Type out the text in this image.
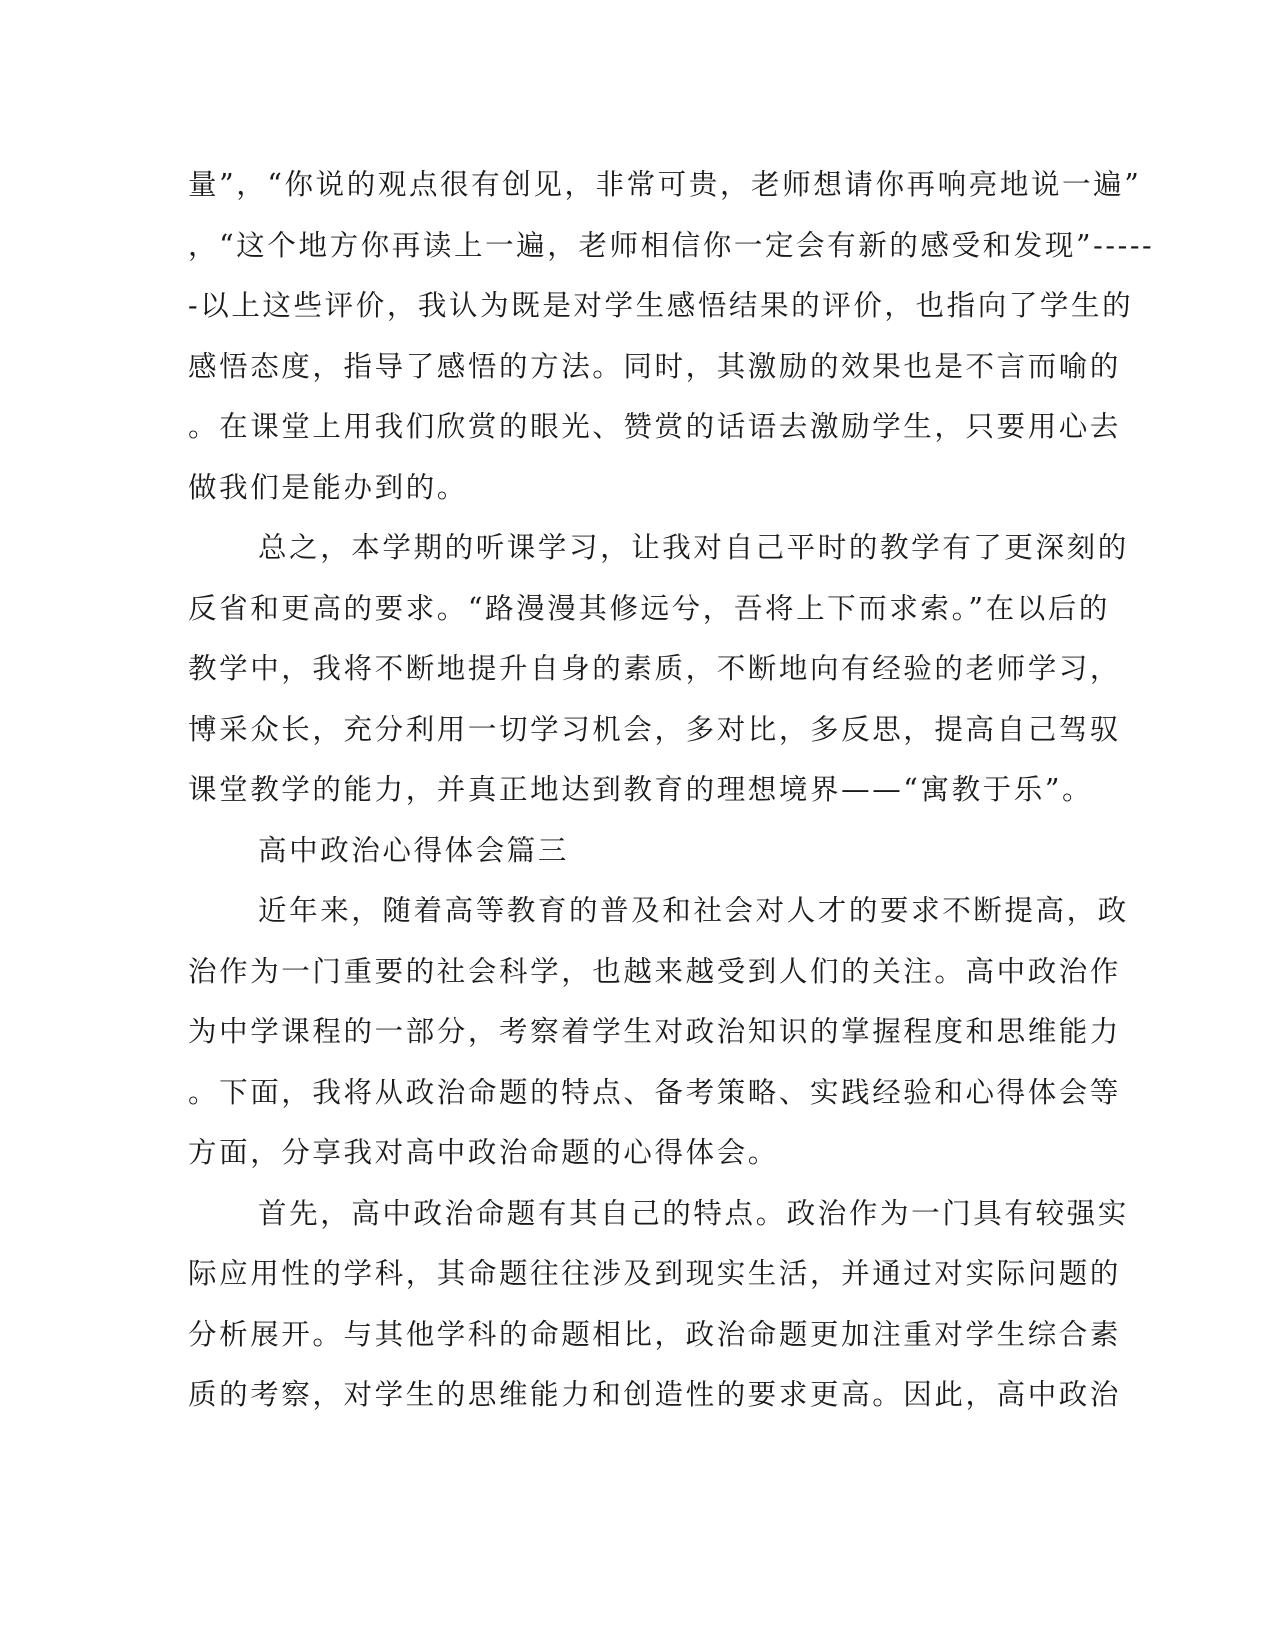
量”，“你说的观点很有创见，非常可贵，老师想请你再响亮地说一遍”
，“这个地方你再读上一遍，老师相信你一定会有新的感受和发现”-----
-以上这些评价，我认为既是对学生感悟结果的评价，也指向了学生的
感悟态度，指导了感悟的方法。同时，其激励的效果也是不言而喻的
。在课堂上用我们欣赏的眼光、赞赏的话语去激励学生，只要用心去
做我们是能办到的。
总之，本学期的听课学习，让我对自己平时的教学有了更深刻的
反省和更高的要求。“路漫漫其修远兮，吾将上下而求索。”在以后的
教学中，我将不断地提升自身的素质，不断地向有经验的老师学习，
博采众长，充分利用一切学习机会，多对比，多反思，提高自己驾驭
课堂教学的能力，并真正地达到教育的理想境界——“寓教于乐”。
高中政治心得体会篇三
近年来，随着高等教育的普及和社会对人才的要求不断提高，政
治作为一门重要的社会科学，也越来越受到人们的关注。高中政治作
为中学课程的一部分，考察着学生对政治知识的掌握程度和思维能力
。下面，我将从政治命题的特点、备考策略、实践经验和心得体会等
方面，分享我对高中政治命题的心得体会。
首先，高中政治命题有其自己的特点。政治作为一门具有较强实
际应用性的学科，其命题往往涉及到现实生活，并通过对实际问题的
分析展开。与其他学科的命题相比，政治命题更加注重对学生综合素
质的考察，对学生的思维能力和创造性的要求更高。因此，高中政治
